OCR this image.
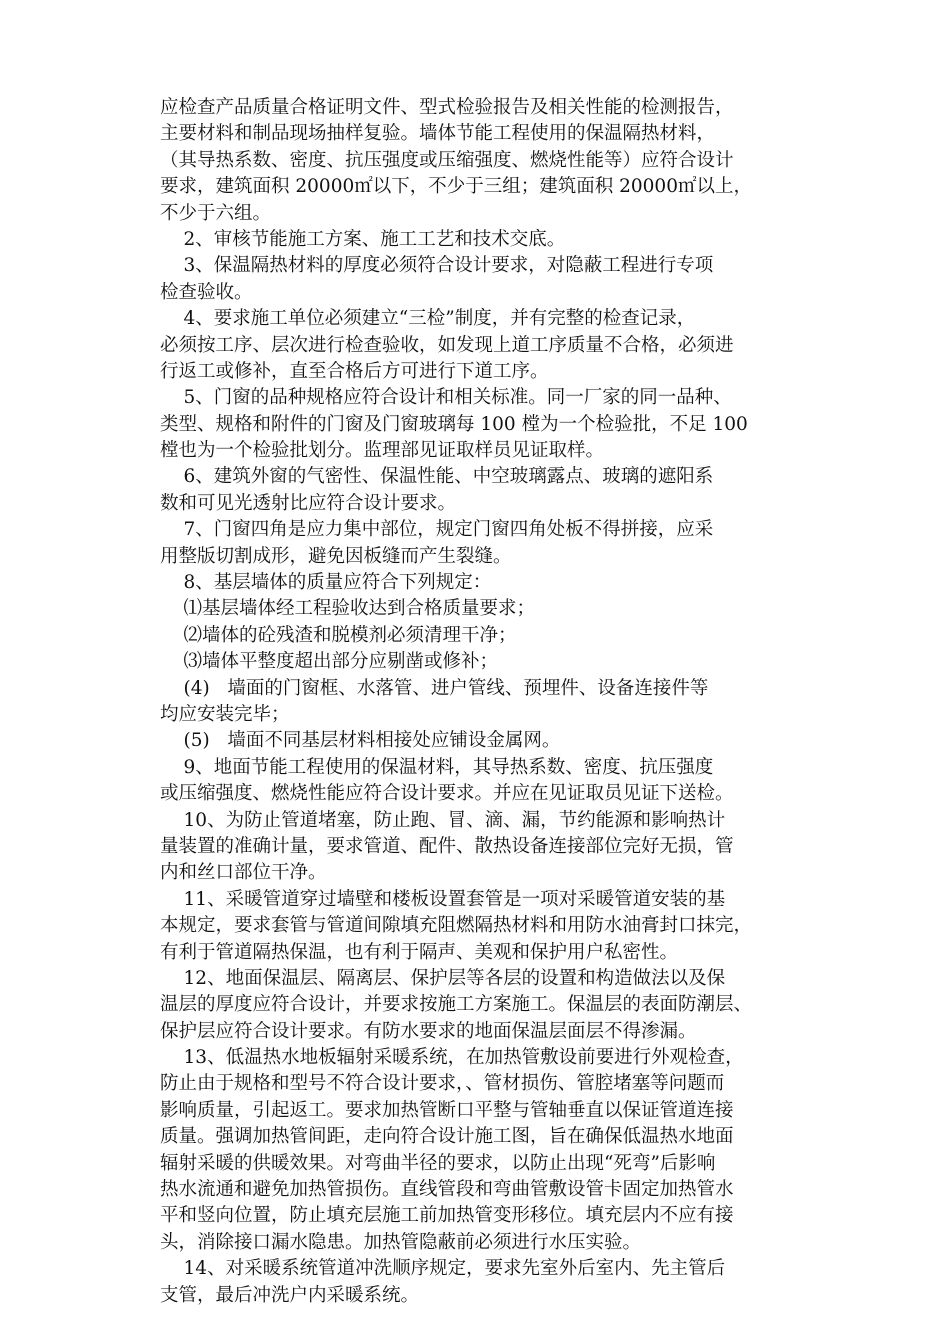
应检查产品质量合格证明文件、型式检验报告及相关性能的检测报告，
主要材料和制品现场抽样复验。墙体节能工程使用的保温隔热材料，
（其导热系数、密度、抗压强度或压缩强度、燃烧性能等）应符合设计
要求，建筑面积 20000㎡以下，不少于三组；建筑面积 20000㎡以上，
不少于六组。
2、审核节能施工方案、施工工艺和技术交底。
3、保温隔热材料的厚度必须符合设计要求，对隐蔽工程进行专项
检查验收。
4、要求施工单位必须建立“三检”制度，并有完整的检查记录，
必须按工序、层次进行检查验收，如发现上道工序质量不合格，必须进
行返工或修补，直至合格后方可进行下道工序。
5、门窗的品种规格应符合设计和相关标准。同一厂家的同一品种、
类型、规格和附件的门窗及门窗玻璃每 100 樘为一个检验批，不足 100
樘也为一个检验批划分。监理部见证取样员见证取样。
6、建筑外窗的气密性、保温性能、中空玻璃露点、玻璃的遮阳系
数和可见光透射比应符合设计要求。
7、门窗四角是应力集中部位，规定门窗四角处板不得拼接，应采
用整版切割成形，避免因板缝而产生裂缝。
8、基层墙体的质量应符合下列规定：
⑴基层墙体经工程验收达到合格质量要求；
⑵墙体的砼残渣和脱模剂必须清理干净；
⑶墙体平整度超出部分应剔凿或修补；
(4)   墙面的门窗框、水落管、进户管线、预埋件、设备连接件等
均应安装完毕；
(5)   墙面不同基层材料相接处应铺设金属网。
9、地面节能工程使用的保温材料，其导热系数、密度、抗压强度
或压缩强度、燃烧性能应符合设计要求。并应在见证取员见证下送检。
10、为防止管道堵塞，防止跑、冒、滴、漏，节约能源和影响热计
量装置的准确计量，要求管道、配件、散热设备连接部位完好无损，管
内和丝口部位干净。
11、采暖管道穿过墙壁和楼板设置套管是一项对采暖管道安装的基
本规定，要求套管与管道间隙填充阻燃隔热材料和用防水油膏封口抹完，
有利于管道隔热保温，也有利于隔声、美观和保护用户私密性。
12、地面保温层、隔离层、保护层等各层的设置和构造做法以及保
温层的厚度应符合设计，并要求按施工方案施工。保温层的表面防潮层、
保护层应符合设计要求。有防水要求的地面保温层面层不得渗漏。
13、低温热水地板辐射采暖系统，在加热管敷设前要进行外观检查，
防止由于规格和型号不符合设计要求，、管材损伤、管腔堵塞等问题而
影响质量，引起返工。要求加热管断口平整与管轴垂直以保证管道连接
质量。强调加热管间距，走向符合设计施工图，旨在确保低温热水地面
辐射采暖的供暖效果。对弯曲半径的要求，以防止出现“死弯”后影响
热水流通和避免加热管损伤。直线管段和弯曲管敷设管卡固定加热管水
平和竖向位置，防止填充层施工前加热管变形移位。填充层内不应有接
头，消除接口漏水隐患。加热管隐蔽前必须进行水压实验。
14、对采暖系统管道冲洗顺序规定，要求先室外后室内、先主管后
支管，最后冲洗户内采暖系统。
